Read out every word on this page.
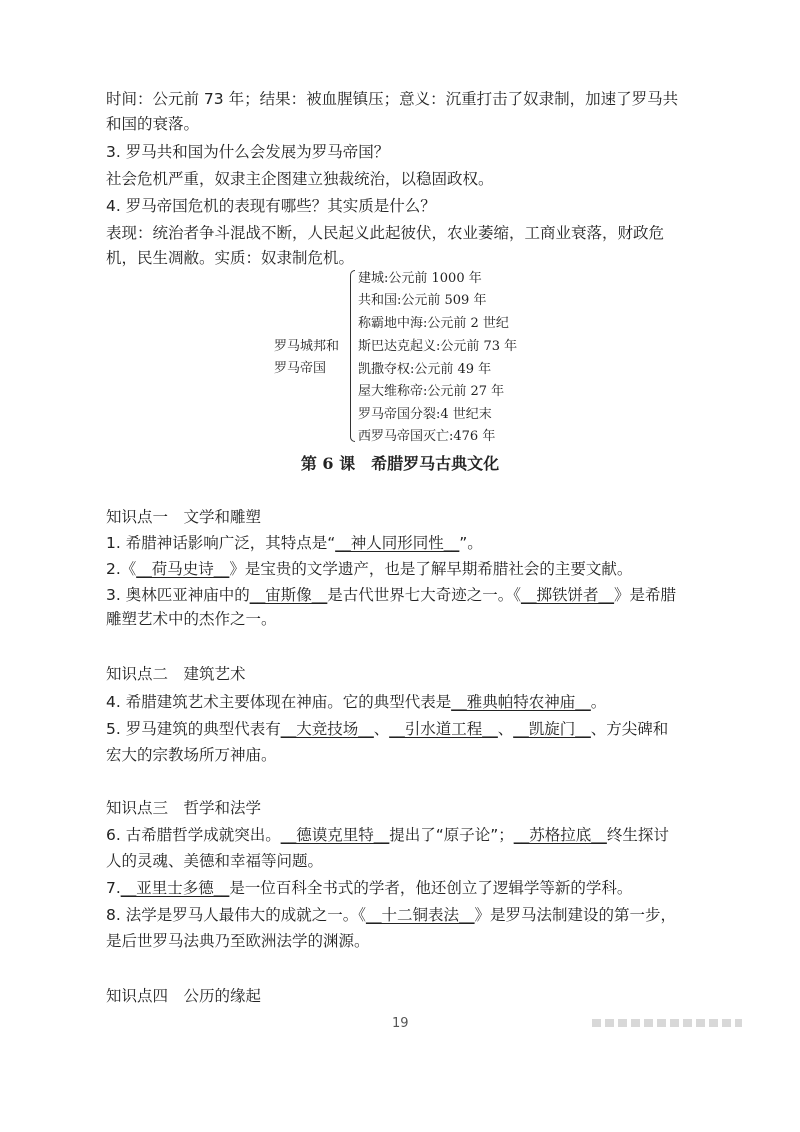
时间：公元前 73 年；结果：被血腥镇压；意义：沉重打击了奴隶制，加速了罗马共
和国的衰落。
3. 罗马共和国为什么会发展为罗马帝国？
社会危机严重，奴隶主企图建立独裁统治，以稳固政权。
4. 罗马帝国危机的表现有哪些？其实质是什么？
表现：统治者争斗混战不断，人民起义此起彼伏，农业萎缩，工商业衰落，财政危
机，民生凋敝。实质：奴隶制危机。
罗马城邦和
罗马帝国
建城:公元前 1000 年
共和国:公元前 509 年
称霸地中海:公元前 2 世纪
斯巴达克起义:公元前 73 年
凯撒夺权:公元前 49 年
屋大维称帝:公元前 27 年
罗马帝国分裂:4 世纪末
西罗马帝国灭亡:476 年
第 6 课　希腊罗马古典文化
知识点一　文学和雕塑
1. 希腊神话影响广泛，其特点是“__神人同形同性__”。
2.《__荷马史诗__》是宝贵的文学遗产，也是了解早期希腊社会的主要文献。
3. 奥林匹亚神庙中的__宙斯像__是古代世界七大奇迹之一。《__掷铁饼者__》是希腊
雕塑艺术中的杰作之一。
知识点二　建筑艺术
4. 希腊建筑艺术主要体现在神庙。它的典型代表是__雅典帕特农神庙__。
5. 罗马建筑的典型代表有__大竞技场__、__引水道工程__、__凯旋门__、方尖碑和
宏大的宗教场所万神庙。
知识点三　哲学和法学
6. 古希腊哲学成就突出。__德谟克里特__提出了“原子论”；__苏格拉底__终生探讨
人的灵魂、美德和幸福等问题。
7.__亚里士多德__是一位百科全书式的学者，他还创立了逻辑学等新的学科。
8. 法学是罗马人最伟大的成就之一。《__十二铜表法__》是罗马法制建设的第一步，
是后世罗马法典乃至欧洲法学的渊源。
知识点四　公历的缘起
19
